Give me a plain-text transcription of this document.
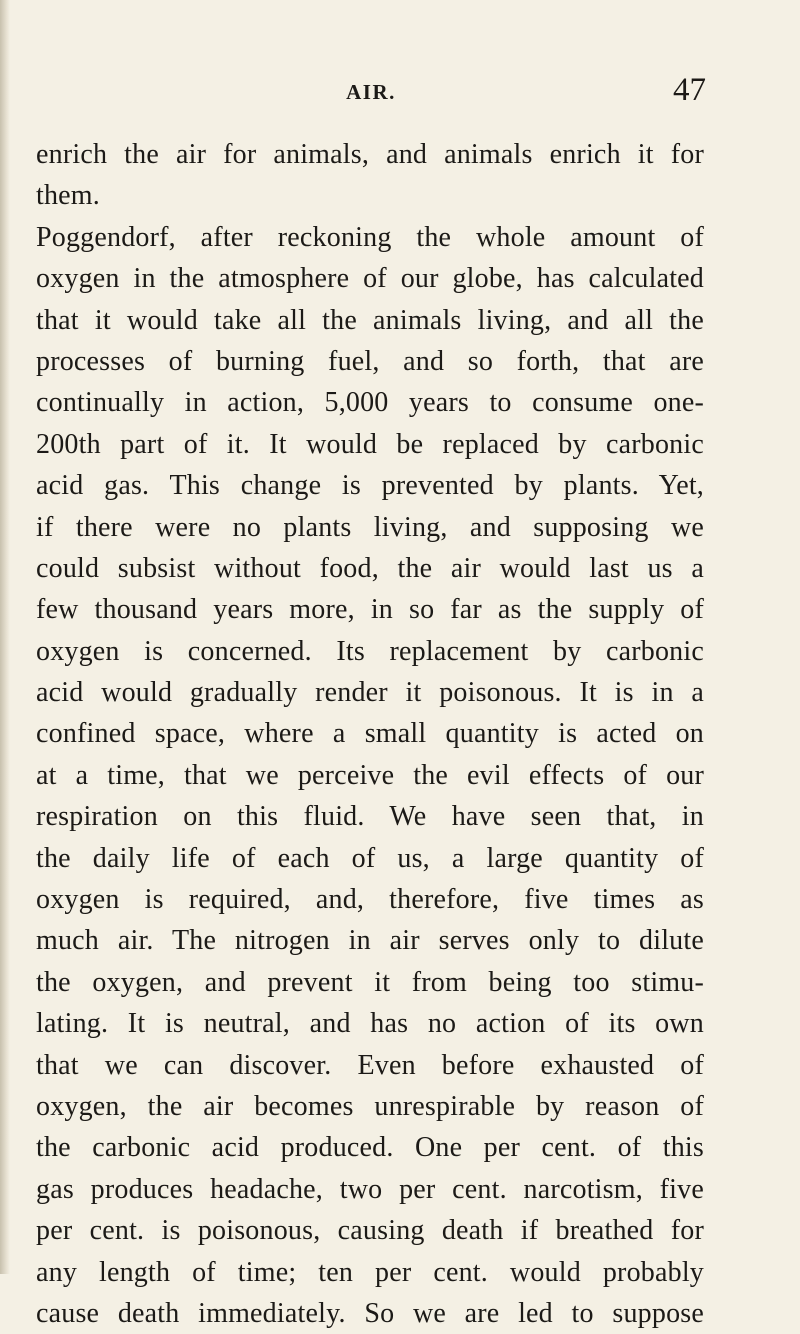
AIR.	47
enrich the air for animals, and animals enrich it for
them.
Poggendorf, after reckoning the whole amount of
oxygen in the atmosphere of our globe, has calculated
that it would take all the animals living, and all the
processes of burning fuel, and so forth, that are
continually in action, 5,000 years to consume one-
200th part of it. It would be replaced by carbonic
acid gas. This change is prevented by plants. Yet,
if there were no plants living, and supposing we
could subsist without food, the air would last us a
few thousand years more, in so far as the supply of
oxygen is concerned. Its replacement by carbonic
acid would gradually render it poisonous. It is in a
confined space, where a small quantity is acted on
at a time, that we perceive the evil effects of our
respiration on this fluid. We have seen that, in
the daily life of each of us, a large quantity of
oxygen is required, and, therefore, five times as
much air. The nitrogen in air serves only to dilute
the oxygen, and prevent it from being too stimu-
lating. It is neutral, and has no action of its own
that we can discover. Even before exhausted of
oxygen, the air becomes unrespirable by reason of
the carbonic acid produced. One per cent. of this
gas produces headache, two per cent. narcotism, five
per cent. is poisonous, causing death if breathed for
any length of time; ten per cent. would probably
cause death immediately. So we are led to suppose
